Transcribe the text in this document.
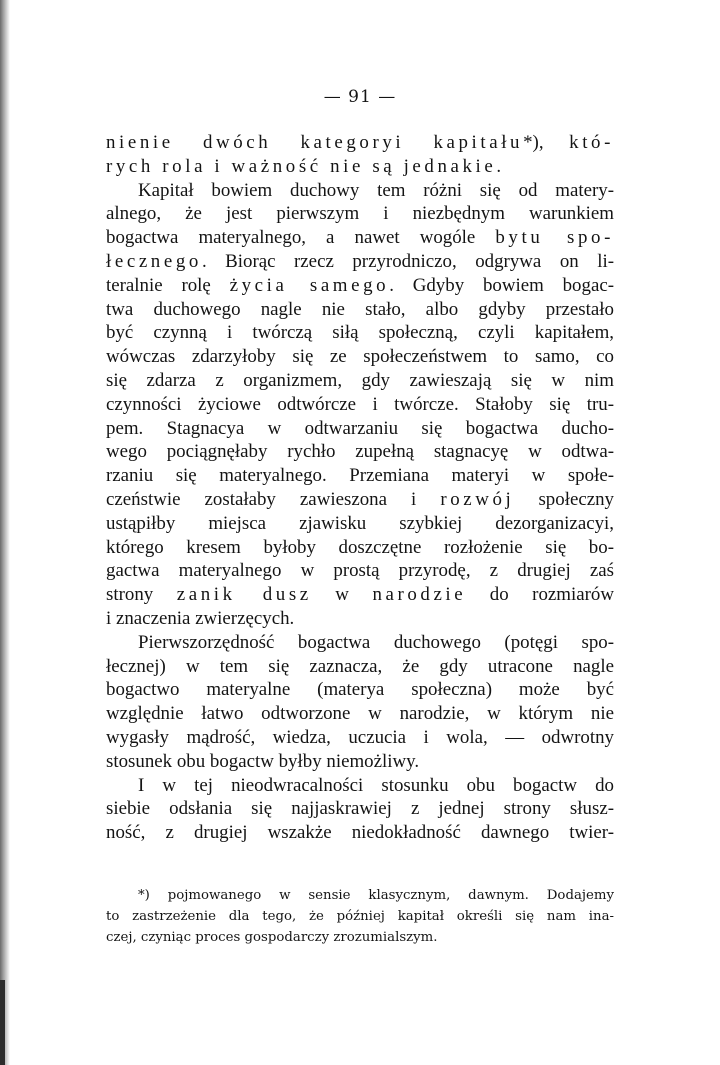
— 91 —
nienie dwóch kategoryi kapitału*), któ-
rych rola i ważność nie są jednakie.
Kapitał bowiem duchowy tem różni się od matery-
alnego, że jest pierwszym i niezbędnym warunkiem
bogactwa materyalnego, a nawet wogóle bytu spo-
łecznego. Biorąc rzecz przyrodniczo, odgrywa on li-
teralnie rolę życia samego. Gdyby bowiem bogac-
twa duchowego nagle nie stało, albo gdyby przestało
być czynną i twórczą siłą społeczną, czyli kapitałem,
wówczas zdarzyłoby się ze społeczeństwem to samo, co
się zdarza z organizmem, gdy zawieszają się w nim
czynności życiowe odtwórcze i twórcze. Stałoby się tru-
pem. Stagnacya w odtwarzaniu się bogactwa ducho-
wego pociągnęłaby rychło zupełną stagnacyę w odtwa-
rzaniu się materyalnego. Przemiana materyi w społe-
czeństwie zostałaby zawieszona i rozwój społeczny
ustąpiłby miejsca zjawisku szybkiej dezorganizacyi,
którego kresem byłoby doszczętne rozłożenie się bo-
gactwa materyalnego w prostą przyrodę, z drugiej zaś
strony zanik dusz w narodzie do rozmiarów
i znaczenia zwierzęcych.
Pierwszorzędność bogactwa duchowego (potęgi spo-
łecznej) w tem się zaznacza, że gdy utracone nagle
bogactwo materyalne (materya społeczna) może być
względnie łatwo odtworzone w narodzie, w którym nie
wygasły mądrość, wiedza, uczucia i wola, — odwrotny
stosunek obu bogactw byłby niemożliwy.
I w tej nieodwracalności stosunku obu bogactw do
siebie odsłania się najjaskrawiej z jednej strony słusz-
ność, z drugiej wszakże niedokładność dawnego twier-
*) pojmowanego w sensie klasycznym, dawnym. Dodajemy
to zastrzeżenie dla tego, że później kapitał określi się nam ina-
czej, czyniąc proces gospodarczy zrozumialszym.
